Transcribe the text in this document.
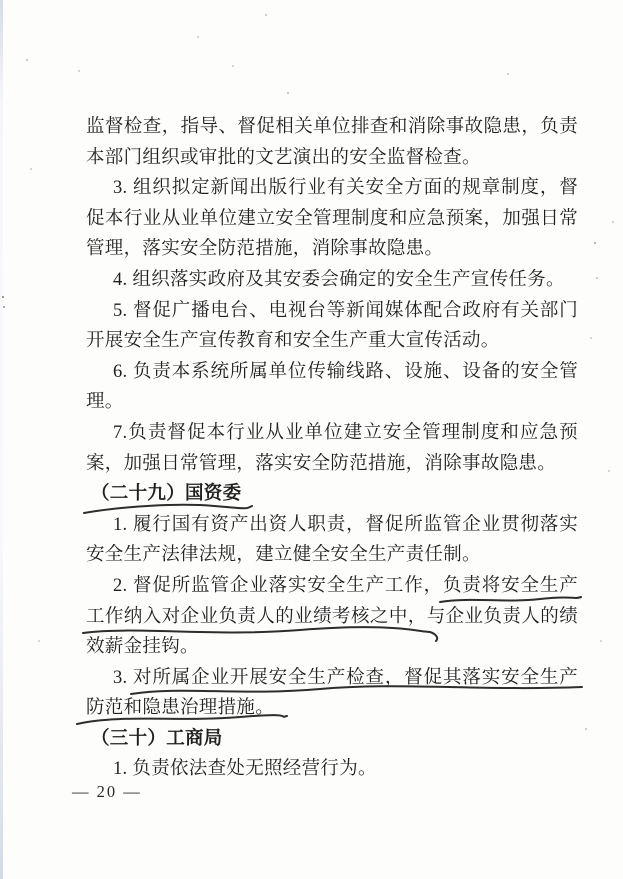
监督检查，指导、督促相关单位排查和消除事故隐患，负责
本部门组织或审批的文艺演出的安全监督检查。
3. 组织拟定新闻出版行业有关安全方面的规章制度，督
促本行业从业单位建立安全管理制度和应急预案，加强日常
管理，落实安全防范措施，消除事故隐患。
4. 组织落实政府及其安委会确定的安全生产宣传任务。
5. 督促广播电台、电视台等新闻媒体配合政府有关部门
开展安全生产宣传教育和安全生产重大宣传活动。
6. 负责本系统所属单位传输线路、设施、设备的安全管
理。
7.负责督促本行业从业单位建立安全管理制度和应急预
案，加强日常管理，落实安全防范措施，消除事故隐患。
（二十九）国资委
1. 履行国有资产出资人职责，督促所监管企业贯彻落实
安全生产法律法规，建立健全安全生产责任制。
2. 督促所监管企业落实安全生产工作，负责将安全生产
工作纳入对企业负责人的业绩考核之中，与企业负责人的绩
效薪金挂钩。
3. 对所属企业开展安全生产检查，督促其落实安全生产
防范和隐患治理措施。
（三十）工商局
1. 负责依法查处无照经营行为。
— 20 —
